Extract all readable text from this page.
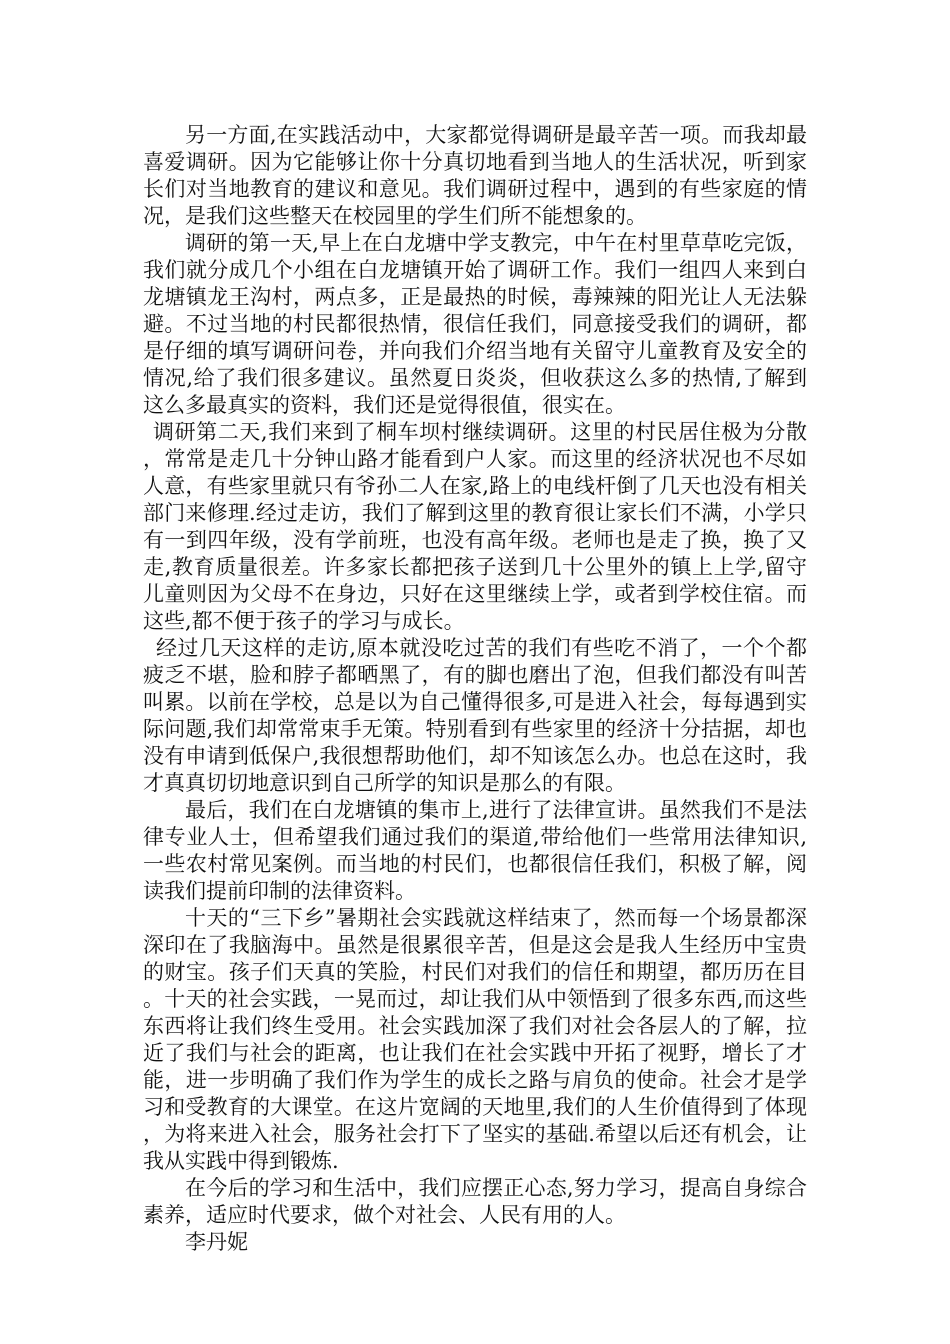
另一方面,在实践活动中，大家都觉得调研是最辛苦一项。而我却最喜爱调研。因为它能够让你十分真切地看到当地人的生活状况，听到家长们对当地教育的建议和意见。我们调研过程中，遇到的有些家庭的情况，是我们这些整天在校园里的学生们所不能想象的。

调研的第一天,早上在白龙塘中学支教完，中午在村里草草吃完饭，我们就分成几个小组在白龙塘镇开始了调研工作。我们一组四人来到白龙塘镇龙王沟村，两点多，正是最热的时候，毒辣辣的阳光让人无法躲避。不过当地的村民都很热情，很信任我们，同意接受我们的调研，都是仔细的填写调研问卷，并向我们介绍当地有关留守儿童教育及安全的情况,给了我们很多建议。虽然夏日炎炎，但收获这么多的热情,了解到这么多最真实的资料，我们还是觉得很值，很实在。

调研第二天,我们来到了桐车坝村继续调研。这里的村民居住极为分散，常常是走几十分钟山路才能看到户人家。而这里的经济状况也不尽如人意，有些家里就只有爷孙二人在家,路上的电线杆倒了几天也没有相关部门来修理.经过走访，我们了解到这里的教育很让家长们不满，小学只有一到四年级，没有学前班，也没有高年级。老师也是走了换，换了又走,教育质量很差。许多家长都把孩子送到几十公里外的镇上上学,留守儿童则因为父母不在身边，只好在这里继续上学，或者到学校住宿。而这些,都不便于孩子的学习与成长。

经过几天这样的走访,原本就没吃过苦的我们有些吃不消了，一个个都疲乏不堪，脸和脖子都晒黑了，有的脚也磨出了泡，但我们都没有叫苦叫累。以前在学校，总是以为自己懂得很多,可是进入社会，每每遇到实际问题,我们却常常束手无策。特别看到有些家里的经济十分拮据，却也没有申请到低保户,我很想帮助他们，却不知该怎么办。也总在这时，我才真真切切地意识到自己所学的知识是那么的有限。

最后，我们在白龙塘镇的集市上,进行了法律宣讲。虽然我们不是法律专业人士，但希望我们通过我们的渠道,带给他们一些常用法律知识,一些农村常见案例。而当地的村民们，也都很信任我们，积极了解，阅读我们提前印制的法律资料。

十天的“三下乡”暑期社会实践就这样结束了，然而每一个场景都深深印在了我脑海中。虽然是很累很辛苦，但是这会是我人生经历中宝贵的财宝。孩子们天真的笑脸，村民们对我们的信任和期望，都历历在目。十天的社会实践，一晃而过，却让我们从中领悟到了很多东西,而这些东西将让我们终生受用。社会实践加深了我们对社会各层人的了解，拉近了我们与社会的距离，也让我们在社会实践中开拓了视野，增长了才能，进一步明确了我们作为学生的成长之路与肩负的使命。社会才是学习和受教育的大课堂。在这片宽阔的天地里,我们的人生价值得到了体现，为将来进入社会，服务社会打下了坚实的基础.希望以后还有机会，让我从实践中得到锻炼.

在今后的学习和生活中，我们应摆正心态,努力学习，提高自身综合素养，适应时代要求，做个对社会、人民有用的人。

李丹妮
